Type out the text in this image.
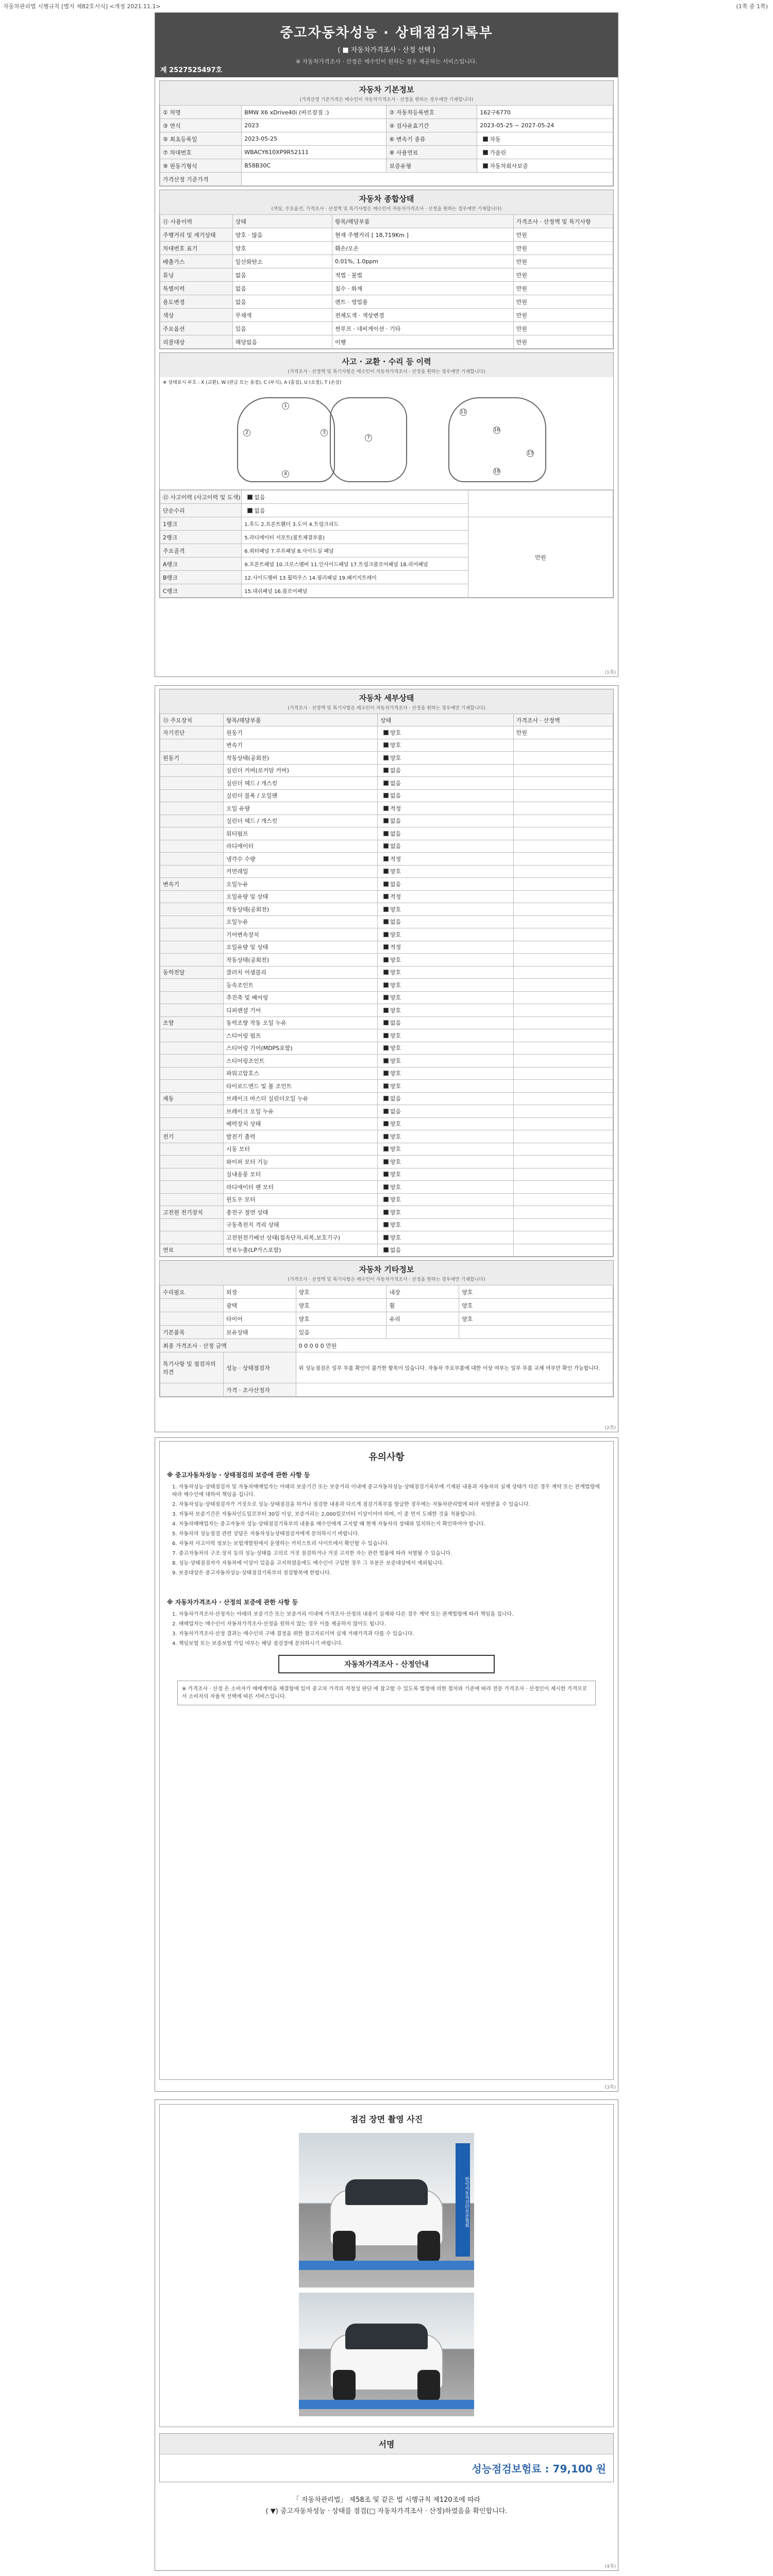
자동차관리법 시행규칙 [별지 제82호서식] <개정 2021.11.1>	(1쪽 중 1쪽)
중고자동차성능 · 상태점검기록부
( ■ 자동차가격조사 · 산정 선택 )
※ 자동차가격조사 · 산정은 매수인이 원하는 경우 제공하는 서비스입니다.
제 2527525497호
자동차 기본정보
(가격산정 기준가격은 매수인이 자동차가격조사 · 산정을 원하는 경우에만 기재합니다)
① 차명	BMW X6 xDrive40i (바르잠짐 :)	② 자동차등록번호	162구6770
③ 연식	2023	④ 검사유효기간	2023-05-25 ~ 2027-05-24
⑤ 최초등록일	2023-05-25	⑥ 변속기 종류	자동
⑦ 차대번호	WBACY610XP9R52111	⑧ 사용연료	가솔린
⑨ 원동기형식	B58B30C	보증유형	자동차회사보증
가격산정 기준가격			
자동차 종합상태
(색상, 주요옵션, 가격조사 · 산정액 및 특기사항은 매수인이 자동차가격조사 · 산정을 원하는 경우에만 기재합니다)
⑪ 사용이력	상태	항목/해당부품	가격조사 · 산정액 및 특기사항
주행거리 및 계기상태	양호 · 많음	현재 주행거리 [ 18,719Km ]	만원
차대번호 표기	양호	훼손/오손	만원
배출가스	일산화탄소	0.01%, 1.0ppm	만원
튜닝	없음	적법 · 불법	만원
특별이력	없음	침수 · 화재	만원
용도변경	없음	렌트 · 영업용	만원
색상	무채색	전체도색 · 색상변경	만원
주요옵션	있음	썬루프 · 네비게이션 · 기타	만원
리콜대상	해당없음	이행	만원
사고 · 교환 · 수리 등 이력
(가격조사 · 산정액 및 특기사항은 매수인이 자동차가격조사 · 산정을 원하는 경우에만 기재합니다)
※ 상태표시 부호 : X (교환), W (판금 또는 용접), C (부식), A (흠집), U (요철), T (손상)
1
2	3
4
7
11
16
13
18
⑫ 사고이력 (사고이력 및 도색)	없음	
단순수리	없음	
1랭크	1.후드 2.프론트휀더 3.도어 4.트렁크리드	만원
2랭크	5.라디에이터 서포트(볼트체결부품)	
주요골격	6.쿼터패널 7.루프패널 8.사이드실 패널	
A랭크	9.프론트패널 10.크로스멤버 11.인사이드패널 17.트렁크플로어패널 18.리어패널	
B랭크	12.사이드멤버 13.휠하우스 14.필러패널 19.패키지트레이	
C랭크	15.대쉬패널 16.플로어패널	
(1쪽)
자동차 세부상태
(가격조사 · 산정액 및 특기사항은 매수인이 자동차가격조사 · 산정을 원하는 경우에만 기재합니다)
⑬ 주요장치	항목/해당부품	상태	가격조사 · 산정액
자기진단	원동기	양호	만원
	변속기	양호	
원동기	작동상태(공회전)	양호	
	실린더 커버(로커암 커버)	없음	
	실린더 헤드 / 개스킷	없음	
	실린더 블록 / 오일팬	없음	
	오일 유량	적정	
	실린더 헤드 / 개스킷	없음	
	워터펌프	없음	
	라디에이터	없음	
	냉각수 수량	적정	
	커먼레일	양호	
변속기	오일누유	없음	
	오일유량 및 상태	적정	
	작동상태(공회전)	양호	
	오일누유	없음	
	기어변속장치	양호	
	오일유량 및 상태	적정	
	작동상태(공회전)	양호	
동력전달	클러치 어셈블리	양호	
	등속조인트	양호	
	추진축 및 베어링	양호	
	디퍼렌셜 기어	양호	
조향	동력조향 작동 오일 누유	없음	
	스티어링 펌프	양호	
	스티어링 기어(MDPS포함)	양호	
	스티어링조인트	양호	
	파워고압호스	양호	
	타이로드엔드 및 볼 조인트	양호	
제동	브레이크 마스터 실린더오일 누유	없음	
	브레이크 오일 누유	없음	
	배력장치 상태	양호	
전기	발전기 출력	양호	
	시동 모터	양호	
	와이퍼 모터 기능	양호	
	실내송풍 모터	양호	
	라디에이터 팬 모터	양호	
	윈도우 모터	양호	
고전원 전기장치	충전구 절연 상태	양호	
	구동축전지 격리 상태	양호	
	고전원전기배선 상태(접속단자,피복,보호기구)	양호	
연료	연료누출(LP가스포함)	없음	
자동차 기타정보
(가격조사 · 산정액 및 특기사항은 매수인이 자동차가격조사 · 산정을 원하는 경우에만 기재합니다)
수리필요	외장	양호	내장	양호
	광택	양호	휠	양호
	타이어	양호	유리	양호
기본품목	보유상태	있음		
최종 가격조사 · 산정 금액		0 0 0 0 0 만원		
특기사항 및 점검자의 의견	성능 · 상태점검자	위 성능점검은 일부 부품 확인이 불가한 항목이 있습니다. 자동차 주요부품에 대한 이상 여부는 일부 부품 교체 여부만 확인 가능합니다.		
	가격 · 조사산정자			
(2쪽)
유의사항
※ 중고자동차성능 · 상태점검의 보증에 관한 사항 등

1. 자동차성능·상태점검자 및 자동차매매업자는 아래의 보증기간 또는 보증거리 이내에 중고자동차성능·상태점검기록부에 기재된 내용과 자동차의 실제 상태가 다른 경우 계약 또는 관계법령에 따라 매수인에 대하여 책임을 집니다.

2. 자동차성능·상태점검자가 거짓으로 성능·상태점검을 하거나 점검한 내용과 다르게 점검기록부를 발급한 경우에는 자동차관리법에 따라 처벌받을 수 있습니다.

3. 자동차 보증기간은 자동차인도일로부터 30일 이상, 보증거리는 2,000킬로미터 이상이어야 하며, 이 중 먼저 도래한 것을 적용합니다.

4. 자동차매매업자는 중고자동차 성능·상태점검기록부의 내용을 매수인에게 고지할 때 현재 자동차의 상태와 일치하는지 확인하여야 합니다.

5. 자동차의 성능점검 관련 상담은 자동차성능상태점검자에게 문의하시기 바랍니다.

6. 자동차 사고이력 정보는 보험개발원에서 운영하는 카히스토리 사이트에서 확인할 수 있습니다.

7. 중고자동차의 구조·장치 등의 성능·상태를 고의로 거짓 점검하거나 거짓 고지한 자는 관련 법률에 따라 처벌될 수 있습니다.

8. 성능·상태점검자가 자동차에 이상이 있음을 고지하였음에도 매수인이 구입한 경우 그 부분은 보증대상에서 제외됩니다.

9. 보증대상은 중고자동차성능·상태점검기록부의 점검항목에 한합니다.

※ 자동차가격조사 · 산정의 보증에 관한 사항 등

1. 자동차가격조사·산정자는 아래의 보증기간 또는 보증거리 이내에 가격조사·산정의 내용이 실제와 다른 경우 계약 또는 관계법령에 따라 책임을 집니다.

2. 매매업자는 매수인이 자동차가격조사·산정을 원하지 않는 경우 이를 제공하지 않아도 됩니다.

3. 자동차가격조사·산정 결과는 매수인의 구매 결정을 위한 참고자료이며 실제 거래가격과 다를 수 있습니다.

4. 책임보험 또는 보증보험 가입 여부는 해당 점검장에 문의하시기 바랍니다.

자동차가격조사 · 산정안내

※ 가격조사 · 산정 은 소비자가 매매계약을 체결함에 있어 중고차 가격의 적정성 판단 에 참고할 수 있도록 법정에 의한 절차와 기준에 따라 전문 가격조사 · 산정인이 제시한 가격으로서 소비자의 자율적 선택에 따른 서비스입니다.

(3쪽)
점검 장면 촬영 사진
한국자동차진단보증협회
서명
성능점검보험료 : 79,100 원
「 자동차관리법」 제58조 및 같은 법 시행규칙 제120조에 따라
( ▼) 중고자동차성능 · 상태를 점검(□ 자동차가격조사 · 산정)하였음을 확인합니다.
(4쪽)
